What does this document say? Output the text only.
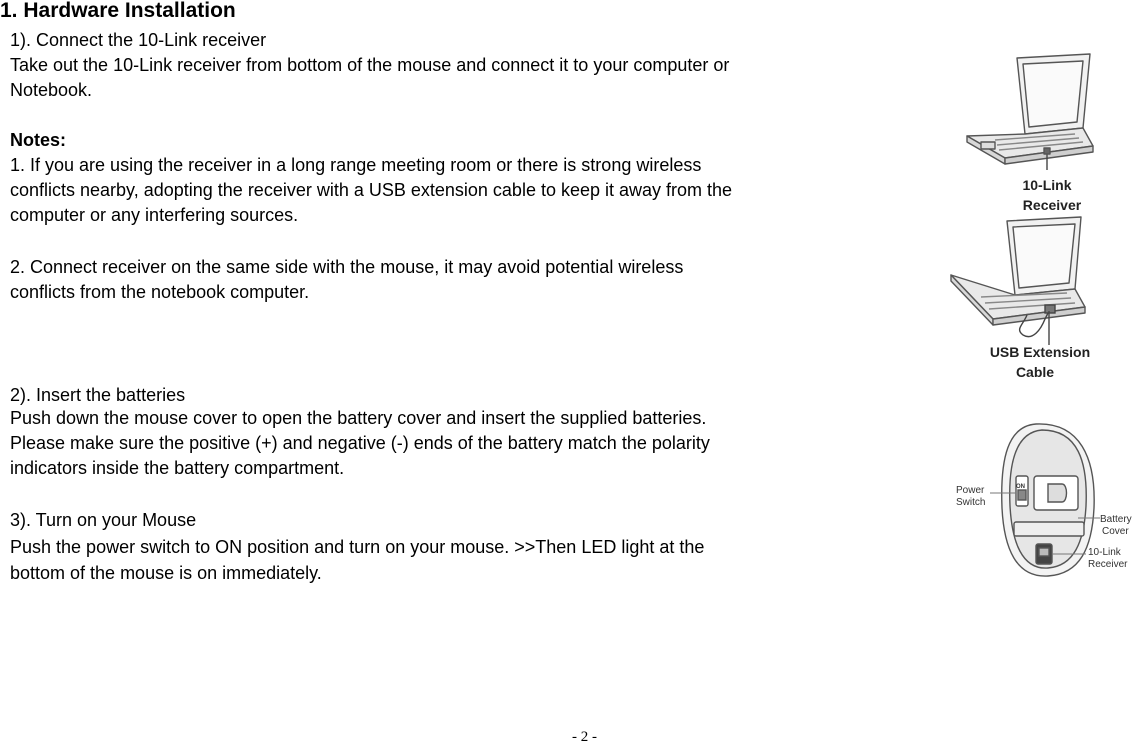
1. Hardware Installation
1). Connect the 10-Link receiver
Take out the 10-Link receiver from bottom of the mouse and connect it to your computer or
Notebook.
Notes:
1. If you are using the receiver in a long range meeting room or there is strong wireless
conflicts nearby, adopting the receiver with a USB extension cable to keep it away from the
computer or any interfering sources.
2. Connect receiver on the same side with the mouse, it may avoid potential wireless
conflicts from the notebook computer.
2). Insert the batteries
Push down the mouse cover to open the battery cover and insert the supplied batteries.
Please make sure the positive (+) and negative (-) ends of the battery match the polarity
indicators inside the battery compartment.
3). Turn on your Mouse
Push the power switch to ON position and turn on your mouse. >>Then LED light at the
bottom of the mouse is on immediately.
10-Link
Receiver
USB Extension
Cable
ON
Power
Switch
Battery
Cover
10-Link
Receiver
- 2 -
